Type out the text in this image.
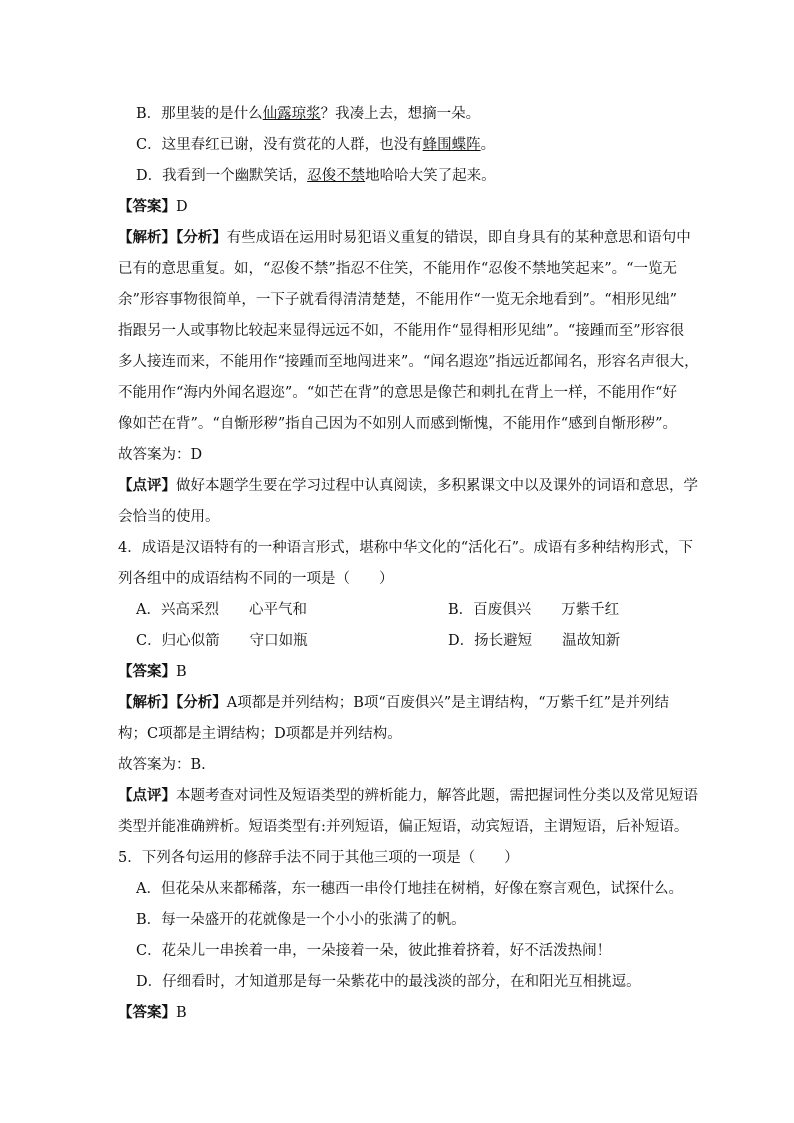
B．那里装的是什么仙露琼浆？我凑上去，想摘一朵。
C．这里春红已谢，没有赏花的人群，也没有蜂围蝶阵。
D．我看到一个幽默笑话，忍俊不禁地哈哈大笑了起来。
【答案】D
【解析】【分析】有些成语在运用时易犯语义重复的错误，即自身具有的某种意思和语句中
已有的意思重复。如，“忍俊不禁”指忍不住笑，不能用作“忍俊不禁地笑起来”。“一览无
余”形容事物很简单，一下子就看得清清楚楚，不能用作“一览无余地看到”。“相形见绌”
指跟另一人或事物比较起来显得远远不如，不能用作“显得相形见绌”。“接踵而至”形容很
多人接连而来，不能用作“接踵而至地闯进来”。“闻名遐迩”指远近都闻名，形容名声很大，
不能用作“海内外闻名遐迩”。“如芒在背”的意思是像芒和刺扎在背上一样，不能用作“好
像如芒在背”。“自惭形秽”指自己因为不如别人而感到惭愧，不能用作“感到自惭形秽”。
故答案为：D
【点评】做好本题学生要在学习过程中认真阅读，多积累课文中以及课外的词语和意思，学
会恰当的使用。
4．成语是汉语特有的一种语言形式，堪称中华文化的“活化石”。成语有多种结构形式，下
列各组中的成语结构不同的一项是（　　）
A．兴高采烈 心平气和	B．百废俱兴 万紫千红
C．归心似箭 守口如瓶	D．扬长避短 温故知新
【答案】B
【解析】【分析】A项都是并列结构；B项“百废俱兴”是主谓结构，“万紫千红”是并列结
构；C项都是主谓结构；D项都是并列结构。
故答案为：B.
【点评】本题考查对词性及短语类型的辨析能力，解答此题，需把握词性分类以及常见短语
类型并能准确辨析。短语类型有:并列短语，偏正短语，动宾短语，主谓短语，后补短语。
5．下列各句运用的修辞手法不同于其他三项的一项是（　　）
A．但花朵从来都稀落，东一穗西一串伶仃地挂在树梢，好像在察言观色，试探什么。
B．每一朵盛开的花就像是一个小小的张满了的帆。
C．花朵儿一串挨着一串，一朵接着一朵，彼此推着挤着，好不活泼热闹！
D．仔细看时，才知道那是每一朵紫花中的最浅淡的部分，在和阳光互相挑逗。
【答案】B
